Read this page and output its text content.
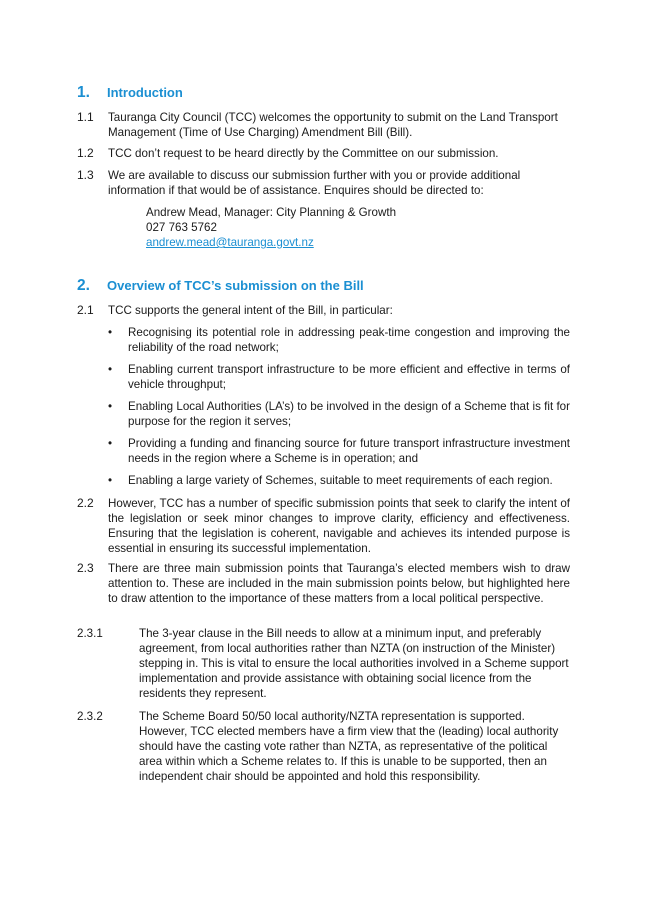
1. Introduction
1.1 Tauranga City Council (TCC) welcomes the opportunity to submit on the Land Transport Management (Time of Use Charging) Amendment Bill (Bill).
1.2 TCC don’t request to be heard directly by the Committee on our submission.
1.3 We are available to discuss our submission further with you or provide additional information if that would be of assistance. Enquires should be directed to:
Andrew Mead, Manager: City Planning & Growth
027 763 5762
andrew.mead@tauranga.govt.nz
2. Overview of TCC’s submission on the Bill
2.1 TCC supports the general intent of the Bill, in particular:
• Recognising its potential role in addressing peak-time congestion and improving the reliability of the road network;
• Enabling current transport infrastructure to be more efficient and effective in terms of vehicle throughput;
• Enabling Local Authorities (LA’s) to be involved in the design of a Scheme that is fit for purpose for the region it serves;
• Providing a funding and financing source for future transport infrastructure investment needs in the region where a Scheme is in operation; and
• Enabling a large variety of Schemes, suitable to meet requirements of each region.
2.2 However, TCC has a number of specific submission points that seek to clarify the intent of the legislation or seek minor changes to improve clarity, efficiency and effectiveness. Ensuring that the legislation is coherent, navigable and achieves its intended purpose is essential in ensuring its successful implementation.
2.3 There are three main submission points that Tauranga’s elected members wish to draw attention to. These are included in the main submission points below, but highlighted here to draw attention to the importance of these matters from a local political perspective.
2.3.1	The 3-year clause in the Bill needs to allow at a minimum input, and preferably agreement, from local authorities rather than NZTA (on instruction of the Minister) stepping in. This is vital to ensure the local authorities involved in a Scheme support implementation and provide assistance with obtaining social licence from the residents they represent.
2.3.2	The Scheme Board 50/50 local authority/NZTA representation is supported. However, TCC elected members have a firm view that the (leading) local authority should have the casting vote rather than NZTA, as representative of the political area within which a Scheme relates to. If this is unable to be supported, then an independent chair should be appointed and hold this responsibility.
